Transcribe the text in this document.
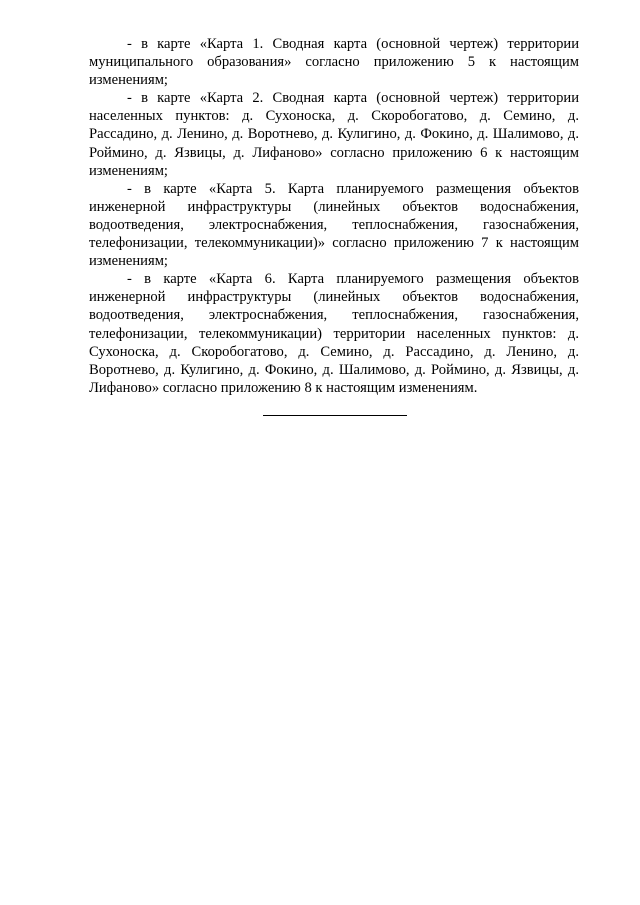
- в карте «Карта 1. Сводная карта (основной чертеж) территории муниципального образования» согласно приложению 5 к настоящим изменениям;

- в карте «Карта 2. Сводная карта (основной чертеж) территории населенных пунктов: д. Сухоноска, д. Скоробогатово, д. Семино, д. Рассадино, д. Ленино, д. Воротнево, д. Кулигино, д. Фокино, д. Шалимово, д. Роймино, д. Язвицы, д. Лифаново» согласно приложению 6 к настоящим изменениям;

- в карте «Карта 5. Карта планируемого размещения объектов инженерной инфраструктуры (линейных объектов водоснабжения, водоотведения, электроснабжения, теплоснабжения, газоснабжения, телефонизации, телекоммуникации)» согласно приложению 7 к настоящим изменениям;

- в карте «Карта 6. Карта планируемого размещения объектов инженерной инфраструктуры (линейных объектов водоснабжения, водоотведения, электроснабжения, теплоснабжения, газоснабжения, телефонизации, телекоммуникации) территории населенных пунктов: д. Сухоноска, д. Скоробогатово, д. Семино, д. Рассадино, д. Ленино, д. Воротнево, д. Кулигино, д. Фокино, д. Шалимово, д. Роймино, д. Язвицы, д. Лифаново» согласно приложению 8 к настоящим изменениям.
